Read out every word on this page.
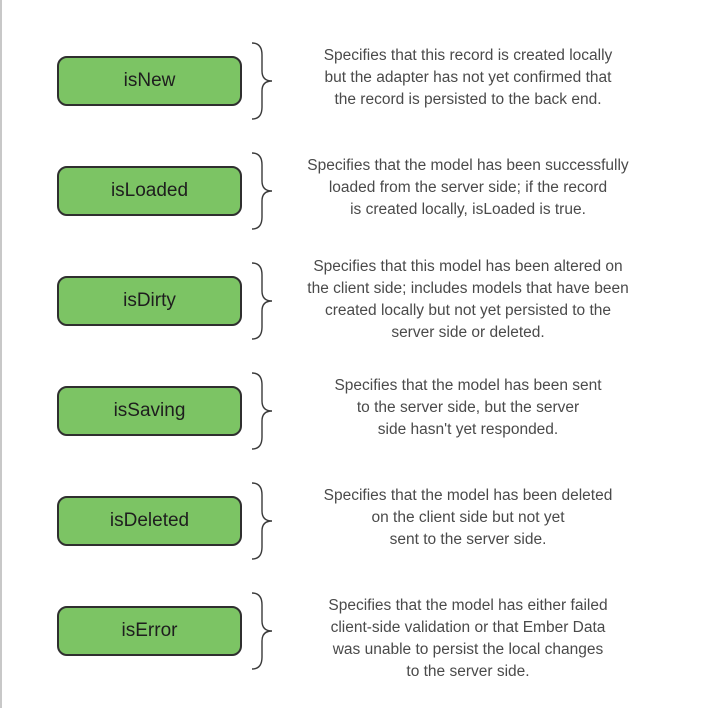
isNew
Specifies that this record is created locally
but the adapter has not yet confirmed that
the record is persisted to the back end.
isLoaded
Specifies that the model has been successfully
loaded from the server side; if the record
is created locally, isLoaded is true.
isDirty
Specifies that this model has been altered on
the client side; includes models that have been
created locally but not yet persisted to the
server side or deleted.
isSaving
Specifies that the model has been sent
to the server side, but the server
side hasn't yet responded.
isDeleted
Specifies that the model has been deleted
on the client side but not yet
sent to the server side.
isError
Specifies that the model has either failed
client-side validation or that Ember Data
was unable to persist the local changes
to the server side.
